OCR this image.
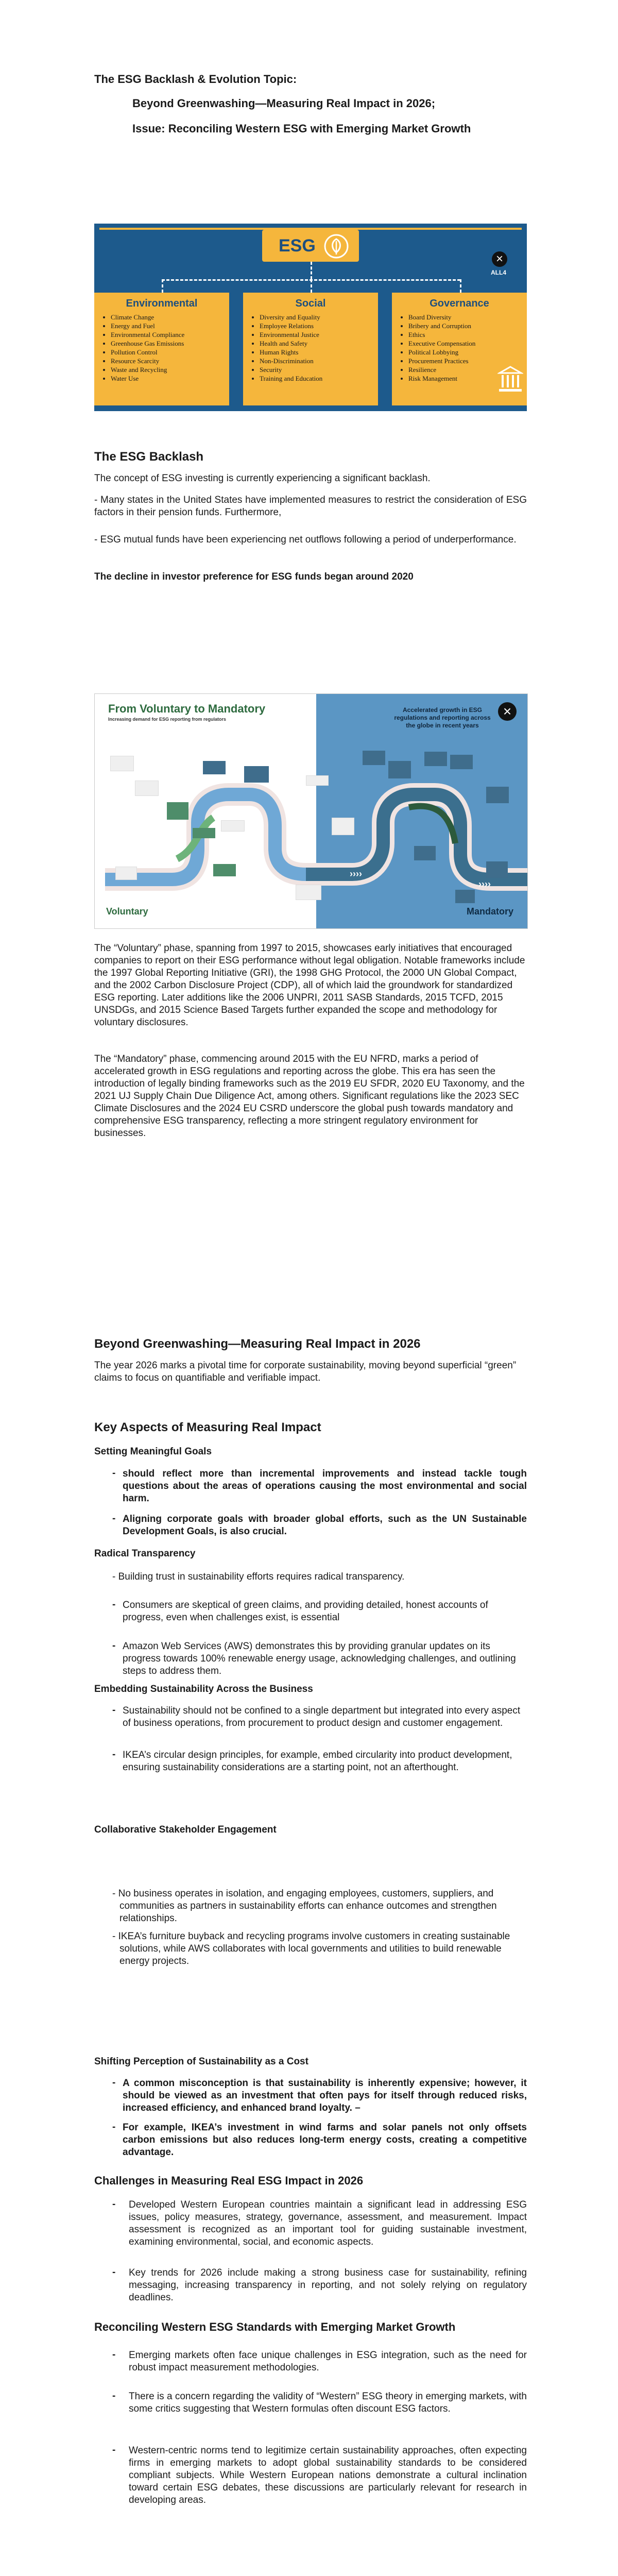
The ESG Backlash & Evolution Topic:
Beyond Greenwashing—Measuring Real Impact in 2026;
Issue: Reconciling Western ESG with Emerging Market Growth
ESG
×
ALL4
Environmental
• Climate Change
• Energy and Fuel
• Environmental Compliance
• Greenhouse Gas Emissions
• Pollution Control
• Resource Scarcity
• Waste and Recycling
• Water Use
Social
• Diversity and Equality
• Employee Relations
• Environmental Justice
• Health and Safety
• Human Rights
• Non-Discrimination
• Security
• Training and Education
Governance
• Board Diversity
• Bribery and Corruption
• Ethics
• Executive Compensation
• Political Lobbying
• Procurement Practices
• Resilience
• Risk Management
The ESG Backlash
The concept of ESG investing is currently experiencing a significant backlash.
- Many states in the United States have implemented measures to restrict the consideration of ESG factors in their pension funds. Furthermore,
- ESG mutual funds have been experiencing net outflows following a period of underperformance.
The decline in investor preference for ESG funds began around 2020
From Voluntary to Mandatory
Increasing demand for ESG reporting from regulators
Accelerated growth in ESG regulations and reporting across the globe in recent years
×
››››
››››
Voluntary	Mandatory
The “Voluntary” phase, spanning from 1997 to 2015, showcases early initiatives that encouraged companies to report on their ESG performance without legal obligation. Notable frameworks include the 1997 Global Reporting Initiative (GRI), the 1998 GHG Protocol, the 2000 UN Global Compact, and the 2002 Carbon Disclosure Project (CDP), all of which laid the groundwork for standardized ESG reporting. Later additions like the 2006 UNPRI, 2011 SASB Standards, 2015 TCFD, 2015 UNSDGs, and 2015 Science Based Targets further expanded the scope and methodology for voluntary disclosures.
The “Mandatory” phase, commencing around 2015 with the EU NFRD, marks a period of accelerated growth in ESG regulations and reporting across the globe. This era has seen the introduction of legally binding frameworks such as the 2019 EU SFDR, 2020 EU Taxonomy, and the 2021 UJ Supply Chain Due Diligence Act, among others. Significant regulations like the 2023 SEC Climate Disclosures and the 2024 EU CSRD underscore the global push towards mandatory and comprehensive ESG transparency, reflecting a more stringent regulatory environment for businesses.
Beyond Greenwashing—Measuring Real Impact in 2026
The year 2026 marks a pivotal time for corporate sustainability, moving beyond superficial “green” claims to focus on quantifiable and verifiable impact.
Key Aspects of Measuring Real Impact
Setting Meaningful Goals
- should reflect more than incremental improvements and instead tackle tough questions about the areas of operations causing the most environmental and social harm.
- Aligning corporate goals with broader global efforts, such as the UN Sustainable Development Goals, is also crucial.
Radical Transparency
- Building trust in sustainability efforts requires radical transparency.
- Consumers are skeptical of green claims, and providing detailed, honest accounts of progress, even when challenges exist, is essential
- Amazon Web Services (AWS) demonstrates this by providing granular updates on its progress towards 100% renewable energy usage, acknowledging challenges, and outlining steps to address them.
Embedding Sustainability Across the Business
- Sustainability should not be confined to a single department but integrated into every aspect of business operations, from procurement to product design and customer engagement.
- IKEA’s circular design principles, for example, embed circularity into product development, ensuring sustainability considerations are a starting point, not an afterthought.
Collaborative Stakeholder Engagement
- No business operates in isolation, and engaging employees, customers, suppliers, and communities as partners in sustainability efforts can enhance outcomes and strengthen relationships.
- IKEA’s furniture buyback and recycling programs involve customers in creating sustainable solutions, while AWS collaborates with local governments and utilities to build renewable energy projects.
Shifting Perception of Sustainability as a Cost
- A common misconception is that sustainability is inherently expensive; however, it should be viewed as an investment that often pays for itself through reduced risks, increased efficiency, and enhanced brand loyalty. –
- For example, IKEA’s investment in wind farms and solar panels not only offsets carbon emissions but also reduces long-term energy costs, creating a competitive advantage.
Challenges in Measuring Real ESG Impact in 2026
- Developed Western European countries maintain a significant lead in addressing ESG issues, policy measures, strategy, governance, assessment, and measurement. Impact assessment is recognized as an important tool for guiding sustainable investment, examining environmental, social, and economic aspects.
- Key trends for 2026 include making a strong business case for sustainability, refining messaging, increasing transparency in reporting, and not solely relying on regulatory deadlines.
Reconciling Western ESG Standards with Emerging Market Growth
- Emerging markets often face unique challenges in ESG integration, such as the need for robust impact measurement methodologies.
- There is a concern regarding the validity of “Western” ESG theory in emerging markets, with some critics suggesting that Western formulas often discount ESG factors.
- Western-centric norms tend to legitimize certain sustainability approaches, often expecting firms in emerging markets to adopt global sustainability standards to be considered compliant subjects. While Western European nations demonstrate a cultural inclination toward certain ESG debates, these discussions are particularly relevant for research in developing areas.
